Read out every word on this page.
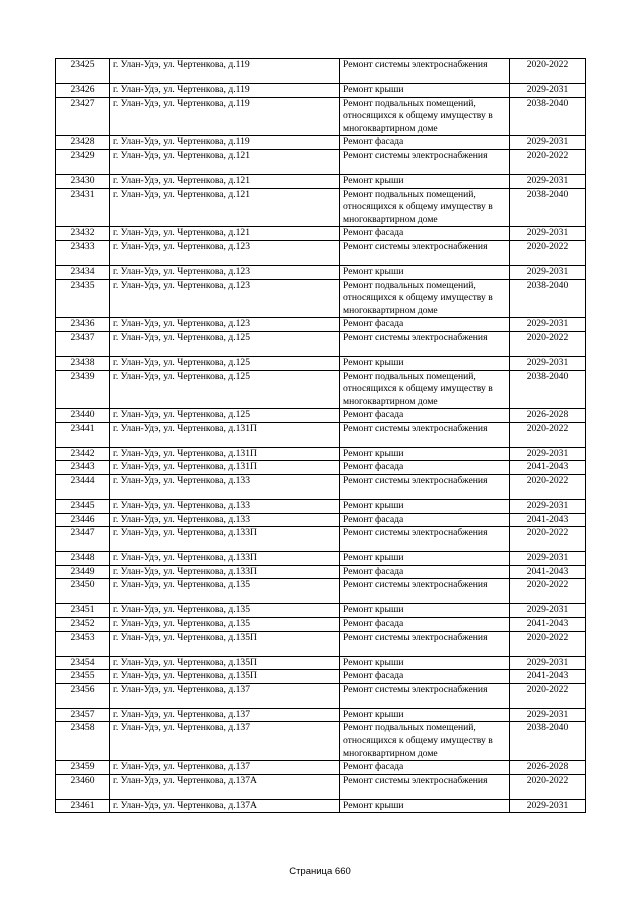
23425	г. Улан-Удэ, ул. Чертенкова, д.119	Ремонт системы электроснабжения	2020-2022
23426	г. Улан-Удэ, ул. Чертенкова, д.119	Ремонт крыши	2029-2031
23427	г. Улан-Удэ, ул. Чертенкова, д.119	Ремонт подвальных помещений, относящихся к общему имуществу в многоквартирном доме	2038-2040
23428	г. Улан-Удэ, ул. Чертенкова, д.119	Ремонт фасада	2029-2031
23429	г. Улан-Удэ, ул. Чертенкова, д.121	Ремонт системы электроснабжения	2020-2022
23430	г. Улан-Удэ, ул. Чертенкова, д.121	Ремонт крыши	2029-2031
23431	г. Улан-Удэ, ул. Чертенкова, д.121	Ремонт подвальных помещений, относящихся к общему имуществу в многоквартирном доме	2038-2040
23432	г. Улан-Удэ, ул. Чертенкова, д.121	Ремонт фасада	2029-2031
23433	г. Улан-Удэ, ул. Чертенкова, д.123	Ремонт системы электроснабжения	2020-2022
23434	г. Улан-Удэ, ул. Чертенкова, д.123	Ремонт крыши	2029-2031
23435	г. Улан-Удэ, ул. Чертенкова, д.123	Ремонт подвальных помещений, относящихся к общему имуществу в многоквартирном доме	2038-2040
23436	г. Улан-Удэ, ул. Чертенкова, д.123	Ремонт фасада	2029-2031
23437	г. Улан-Удэ, ул. Чертенкова, д.125	Ремонт системы электроснабжения	2020-2022
23438	г. Улан-Удэ, ул. Чертенкова, д.125	Ремонт крыши	2029-2031
23439	г. Улан-Удэ, ул. Чертенкова, д.125	Ремонт подвальных помещений, относящихся к общему имуществу в многоквартирном доме	2038-2040
23440	г. Улан-Удэ, ул. Чертенкова, д.125	Ремонт фасада	2026-2028
23441	г. Улан-Удэ, ул. Чертенкова, д.131П	Ремонт системы электроснабжения	2020-2022
23442	г. Улан-Удэ, ул. Чертенкова, д.131П	Ремонт крыши	2029-2031
23443	г. Улан-Удэ, ул. Чертенкова, д.131П	Ремонт фасада	2041-2043
23444	г. Улан-Удэ, ул. Чертенкова, д.133	Ремонт системы электроснабжения	2020-2022
23445	г. Улан-Удэ, ул. Чертенкова, д.133	Ремонт крыши	2029-2031
23446	г. Улан-Удэ, ул. Чертенкова, д.133	Ремонт фасада	2041-2043
23447	г. Улан-Удэ, ул. Чертенкова, д.133П	Ремонт системы электроснабжения	2020-2022
23448	г. Улан-Удэ, ул. Чертенкова, д.133П	Ремонт крыши	2029-2031
23449	г. Улан-Удэ, ул. Чертенкова, д.133П	Ремонт фасада	2041-2043
23450	г. Улан-Удэ, ул. Чертенкова, д.135	Ремонт системы электроснабжения	2020-2022
23451	г. Улан-Удэ, ул. Чертенкова, д.135	Ремонт крыши	2029-2031
23452	г. Улан-Удэ, ул. Чертенкова, д.135	Ремонт фасада	2041-2043
23453	г. Улан-Удэ, ул. Чертенкова, д.135П	Ремонт системы электроснабжения	2020-2022
23454	г. Улан-Удэ, ул. Чертенкова, д.135П	Ремонт крыши	2029-2031
23455	г. Улан-Удэ, ул. Чертенкова, д.135П	Ремонт фасада	2041-2043
23456	г. Улан-Удэ, ул. Чертенкова, д.137	Ремонт системы электроснабжения	2020-2022
23457	г. Улан-Удэ, ул. Чертенкова, д.137	Ремонт крыши	2029-2031
23458	г. Улан-Удэ, ул. Чертенкова, д.137	Ремонт подвальных помещений, относящихся к общему имуществу в многоквартирном доме	2038-2040
23459	г. Улан-Удэ, ул. Чертенкова, д.137	Ремонт фасада	2026-2028
23460	г. Улан-Удэ, ул. Чертенкова, д.137А	Ремонт системы электроснабжения	2020-2022
23461	г. Улан-Удэ, ул. Чертенкова, д.137А	Ремонт крыши	2029-2031
Страница 660
